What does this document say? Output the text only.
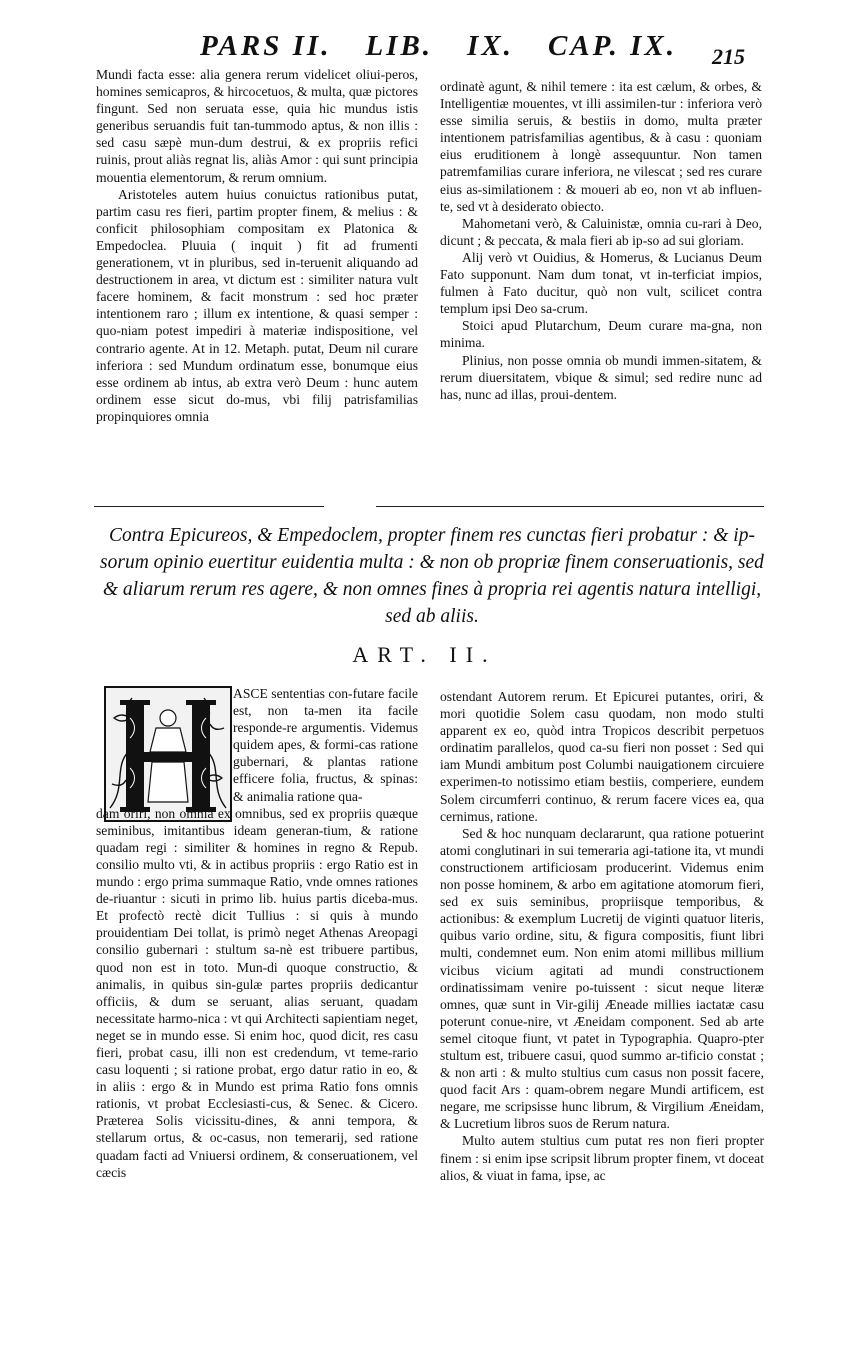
PARS II. LIB. IX. CAP. IX.	215

Mundi facta esse: alia genera rerum videlicet oliui-peros, homines semicapros, & hircocetuos, & multa, quæ pictores fingunt. Sed non seruata esse, quia hic mundus istis generibus seruandis fuit tan-tummodo aptus, & non illis : sed casu sæpè mun-dum destrui, & ex propriis refici ruinis, prout aliàs regnat lis, aliàs Amor : qui sunt principia mouentia elementorum, & rerum omnium.

Aristoteles autem huius conuictus rationibus putat, partim casu res fieri, partim propter finem, & melius : & conficit philosophiam compositam ex Platonica & Empedoclea. Pluuia ( inquit ) fit ad frumenti generationem, vt in pluribus, sed in-teruenit aliquando ad destructionem in area, vt dictum est : similiter natura vult facere hominem, & facit monstrum : sed hoc præter intentionem raro ; illum ex intentione, & quasi semper : quo-niam potest impediri à materiæ indispositione, vel contrario agente. At in 12. Metaph. putat, Deum nil curare inferiora : sed Mundum ordinatum esse, bonumque eius esse ordinem ab intus, ab extra verò Deum : hunc autem ordinem esse sicut do-mus, vbi filij patrisfamilias propinquiores omnia

ordinatè agunt, & nihil temere : ita est cælum, & orbes, & Intelligentiæ mouentes, vt illi assimilen-tur : inferiora verò esse similia seruis, & bestiis in domo, multa præter intentionem patrisfamilias agentibus, & à casu : quoniam eius eruditionem à longè assequuntur. Non tamen patremfamilias curare inferiora, ne vilescat ; sed res curare eius as-similationem : & moueri ab eo, non vt ab influen-te, sed vt à desiderato obiecto.

Mahometani verò, & Caluinistæ, omnia cu-rari à Deo, dicunt ; & peccata, & mala fieri ab ip-so ad sui gloriam.

Alij verò vt Ouidius, & Homerus, & Lucianus Deum Fato supponunt. Nam dum tonat, vt in-terficiat impios, fulmen à Fato ducitur, quò non vult, scilicet contra templum ipsi Deo sa-crum.

Stoici apud Plutarchum, Deum curare ma-gna, non minima.

Plinius, non posse omnia ob mundi immen-sitatem, & rerum diuersitatem, vbique & simul; sed redire nunc ad has, nunc ad illas, proui-dentem.

Contra Epicureos, & Empedoclem, propter finem res cunctas fieri probatur : & ip-sorum opinio euertitur euidentia multa : & non ob propriæ finem conseruationis, sed & aliarum rerum res agere, & non omnes fines à propria rei agentis natura intelligi, sed ab aliis.
ART. II.

ASCE sententias con-futare facile est, non ta-men ita facile responde-re argumentis. Videmus quidem apes, & formi-cas ratione gubernari, & plantas ratione efficere folia, fructus, & spinas: & animalia ratione qua-

dam oriri, non omnia ex omnibus, sed ex propriis quæque seminibus, imitantibus ideam generan-tium, & ratione quadam regi : similiter & homines in regno & Repub. consilio multo vti, & in actibus propriis : ergo Ratio est in mundo : ergo prima summaque Ratio, vnde omnes rationes de-riuantur : sicuti in primo lib. huius partis diceba-mus. Et profectò rectè dicit Tullius : si quis à mundo prouidentiam Dei tollat, is primò neget Athenas Areopagi consilio gubernari : stultum sa-nè est tribuere partibus, quod non est in toto. Mun-di quoque constructio, & animalis, in quibus sin-gulæ partes propriis dedicantur officiis, & dum se seruant, alias seruant, quadam necessitate harmo-nica : vt qui Architecti sapientiam neget, neget se in mundo esse. Si enim hoc, quod dicit, res casu fieri, probat casu, illi non est credendum, vt teme-rario casu loquenti ; si ratione probat, ergo datur ratio in eo, & in aliis : ergo & in Mundo est prima Ratio fons omnis rationis, vt probat Ecclesiasti-cus, & Senec. & Cicero. Præterea Solis vicissitu-dines, & anni tempora, & stellarum ortus, & oc-casus, non temerarij, sed ratione quadam facti ad Vniuersi ordinem, & conseruationem, vel cæcis

ostendant Autorem rerum. Et Epicurei putantes, oriri, & mori quotidie Solem casu quodam, non modo stulti apparent ex eo, quòd intra Tropicos describit perpetuos ordinatim parallelos, quod ca-su fieri non posset : Sed qui iam Mundi ambitum post Columbi nauigationem circuiere experimen-to notissimo etiam bestiis, comperiere, eundem Solem circumferri continuo, & rerum facere vices ea, qua cernimus, ratione.

Sed & hoc nunquam declararunt, qua ratione potuerint atomi conglutinari in sui temeraria agi-tatione ita, vt mundi constructionem artificiosam producerint. Videmus enim non posse hominem, & arbo em agitatione atomorum fieri, sed ex suis seminibus, propriisque temporibus, & actionibus: & exemplum Lucretij de viginti quatuor literis, quibus vario ordine, situ, & figura compositis, fiunt libri multi, condemnet eum. Non enim atomi millibus millium vicibus vicium agitati ad mundi constructionem ordinatissimam venire po-tuissent : sicut neque literæ omnes, quæ sunt in Vir-gilij Æneade millies iactatæ casu poterunt conue-nire, vt Æneidam component. Sed ab arte semel citoque fiunt, vt patet in Typographia. Quapro-pter stultum est, tribuere casui, quod summo ar-tificio constat ; & non arti : & multo stultius cum casus non possit facere, quod facit Ars : quam-obrem negare Mundi artificem, est negare, me scripsisse hunc librum, & Virgilium Æneidam, & Lucretium libros suos de Rerum natura.

Multo autem stultius cum putat res non fieri propter finem : si enim ipse scripsit librum propter finem, vt doceat alios, & viuat in fama, ipse, ac
